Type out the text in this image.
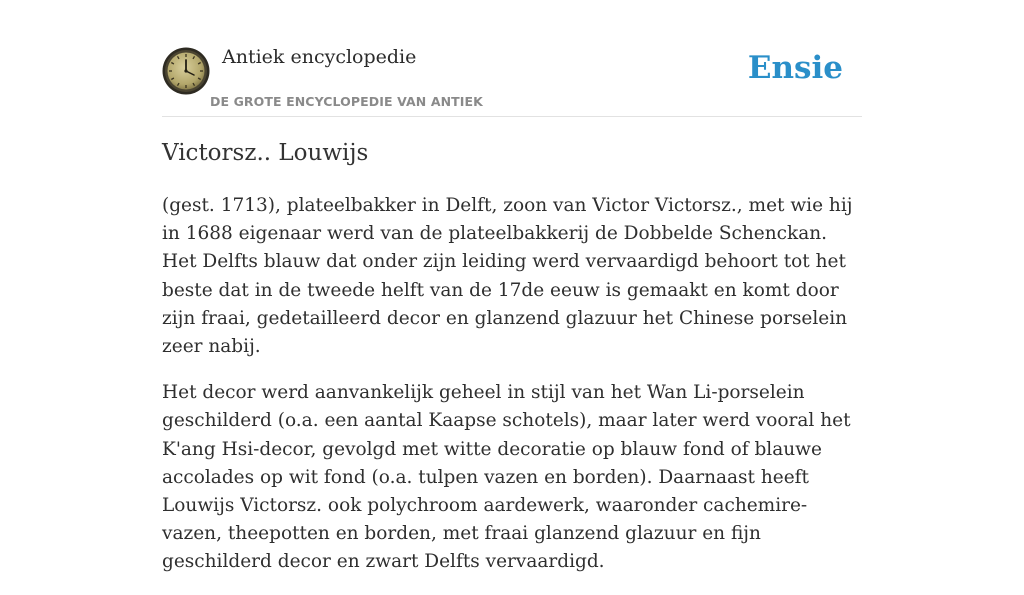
Antiek encyclopedie
DE GROTE ENCYCLOPEDIE VAN ANTIEK
Ensie
Victorsz.. Louwijs

(gest. 1713), plateelbakker in Delft, zoon van Victor Victorsz., met wie hij in 1688 eigenaar werd van de plateelbakkerij de Dobbelde Schenckan. Het Delfts blauw dat onder zijn leiding werd vervaardigd behoort tot het beste dat in de tweede helft van de 17de eeuw is gemaakt en komt door zijn fraai, gedetailleerd decor en glanzend glazuur het Chinese porselein zeer nabij.

Het decor werd aanvankelijk geheel in stijl van het Wan Li-porselein geschilderd (o.a. een aantal Kaapse schotels), maar later werd vooral het K'ang Hsi-decor, gevolgd met witte decoratie op blauw fond of blauwe accolades op wit fond (o.a. tulpen vazen en borden). Daarnaast heeft Louwijs Victorsz. ook polychroom aardewerk, waaronder cachemire-vazen, theepotten en borden, met fraai glanzend glazuur en fijn geschilderd decor en zwart Delfts vervaardigd.
